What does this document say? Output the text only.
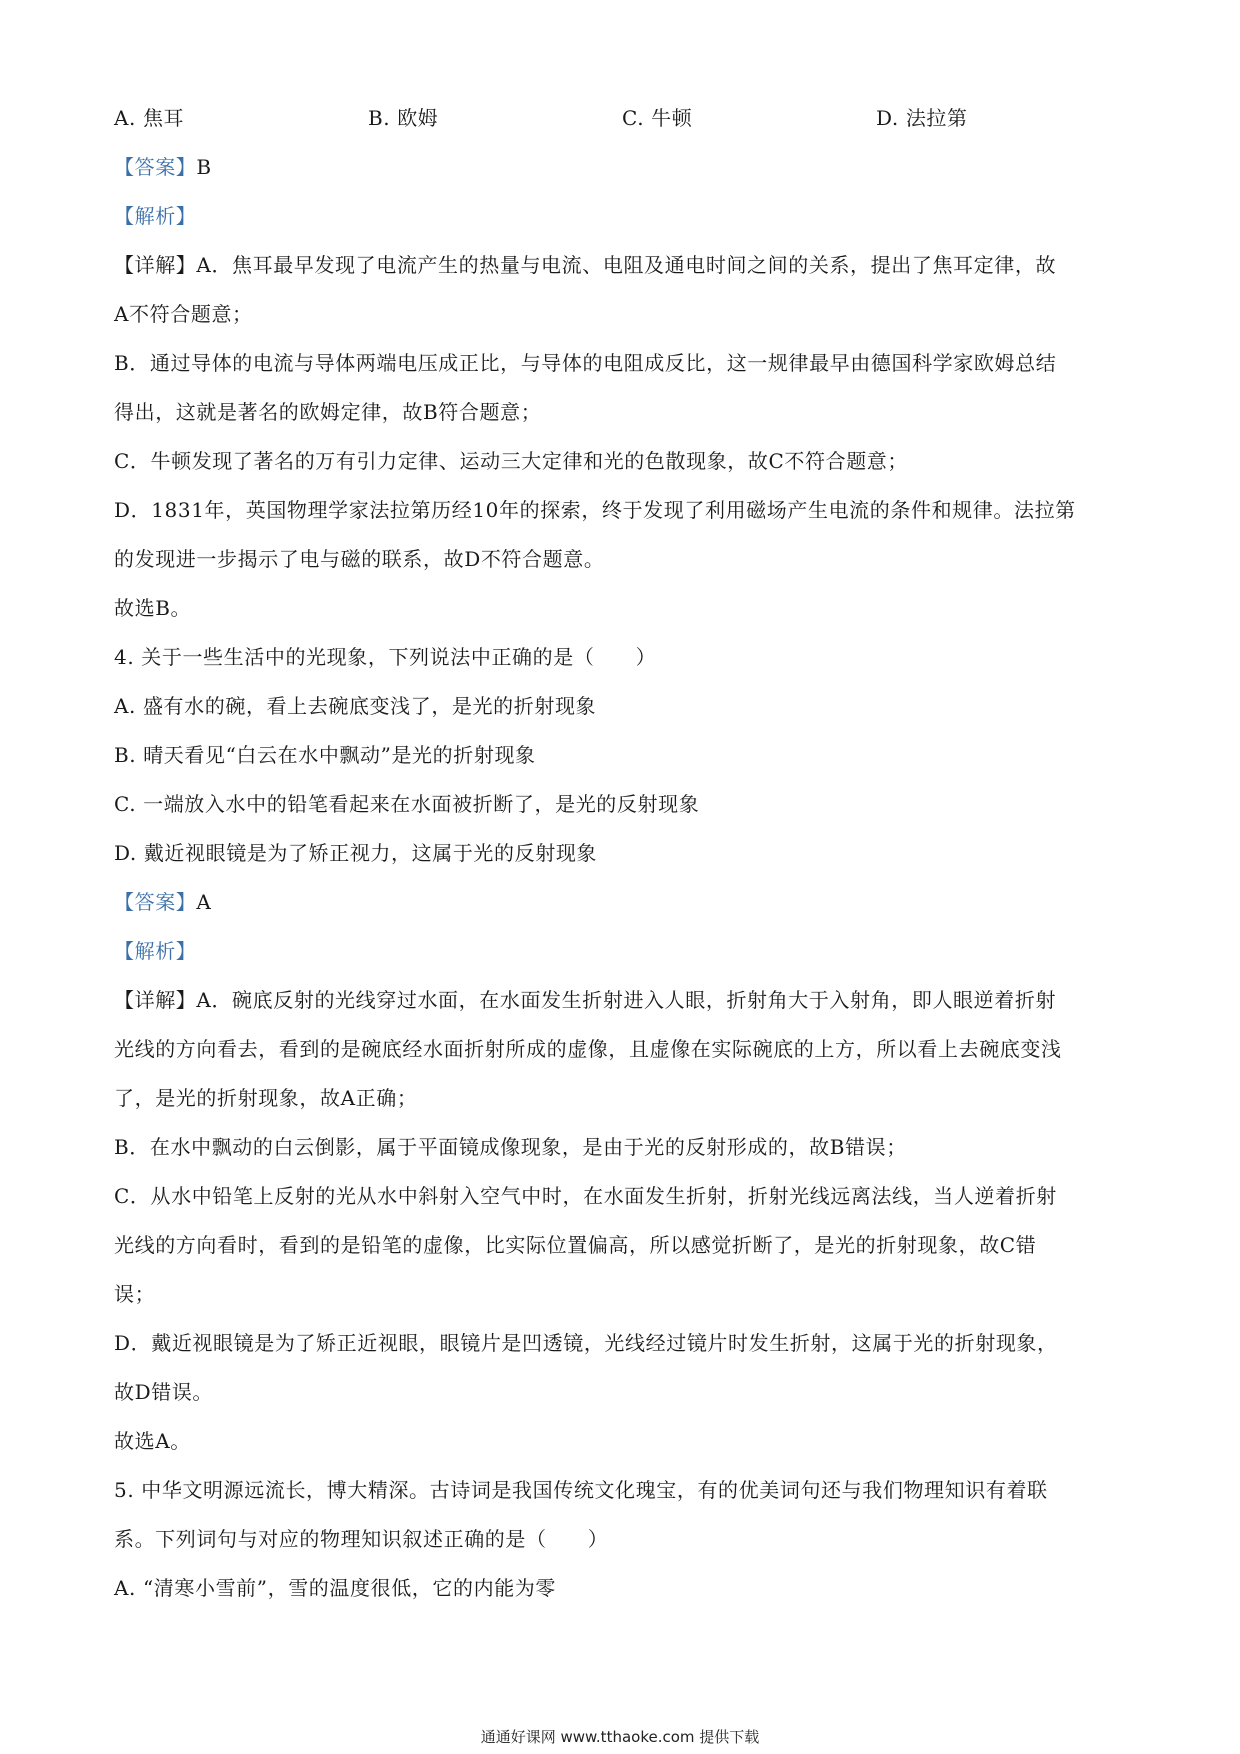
A. 焦耳	B. 欧姆	C. 牛顿	D. 法拉第
【答案】B
【解析】
【详解】A．焦耳最早发现了电流产生的热量与电流、电阻及通电时间之间的关系，提出了焦耳定律，故
A不符合题意；
B．通过导体的电流与导体两端电压成正比，与导体的电阻成反比，这一规律最早由德国科学家欧姆总结
得出，这就是著名的欧姆定律，故B符合题意；
C．牛顿发现了著名的万有引力定律、运动三大定律和光的色散现象，故C不符合题意；
D．1831年，英国物理学家法拉第历经10年的探索，终于发现了利用磁场产生电流的条件和规律。法拉第
的发现进一步揭示了电与磁的联系，故D不符合题意。
故选B。
4. 关于一些生活中的光现象，下列说法中正确的是（　　）
A. 盛有水的碗，看上去碗底变浅了，是光的折射现象
B. 晴天看见“白云在水中飘动”是光的折射现象
C. 一端放入水中的铅笔看起来在水面被折断了，是光的反射现象
D. 戴近视眼镜是为了矫正视力，这属于光的反射现象
【答案】A
【解析】
【详解】A．碗底反射的光线穿过水面，在水面发生折射进入人眼，折射角大于入射角，即人眼逆着折射
光线的方向看去，看到的是碗底经水面折射所成的虚像，且虚像在实际碗底的上方，所以看上去碗底变浅
了，是光的折射现象，故A正确；
B．在水中飘动的白云倒影，属于平面镜成像现象，是由于光的反射形成的，故B错误；
C．从水中铅笔上反射的光从水中斜射入空气中时，在水面发生折射，折射光线远离法线，当人逆着折射
光线的方向看时，看到的是铅笔的虚像，比实际位置偏高，所以感觉折断了，是光的折射现象，故C错
误；
D．戴近视眼镜是为了矫正近视眼，眼镜片是凹透镜，光线经过镜片时发生折射，这属于光的折射现象，
故D错误。
故选A。
5. 中华文明源远流长，博大精深。古诗词是我国传统文化瑰宝，有的优美词句还与我们物理知识有着联
系。下列词句与对应的物理知识叙述正确的是（　　）
A. “清寒小雪前”，雪的温度很低，它的内能为零
通通好课网 www.tthaoke.com 提供下载
